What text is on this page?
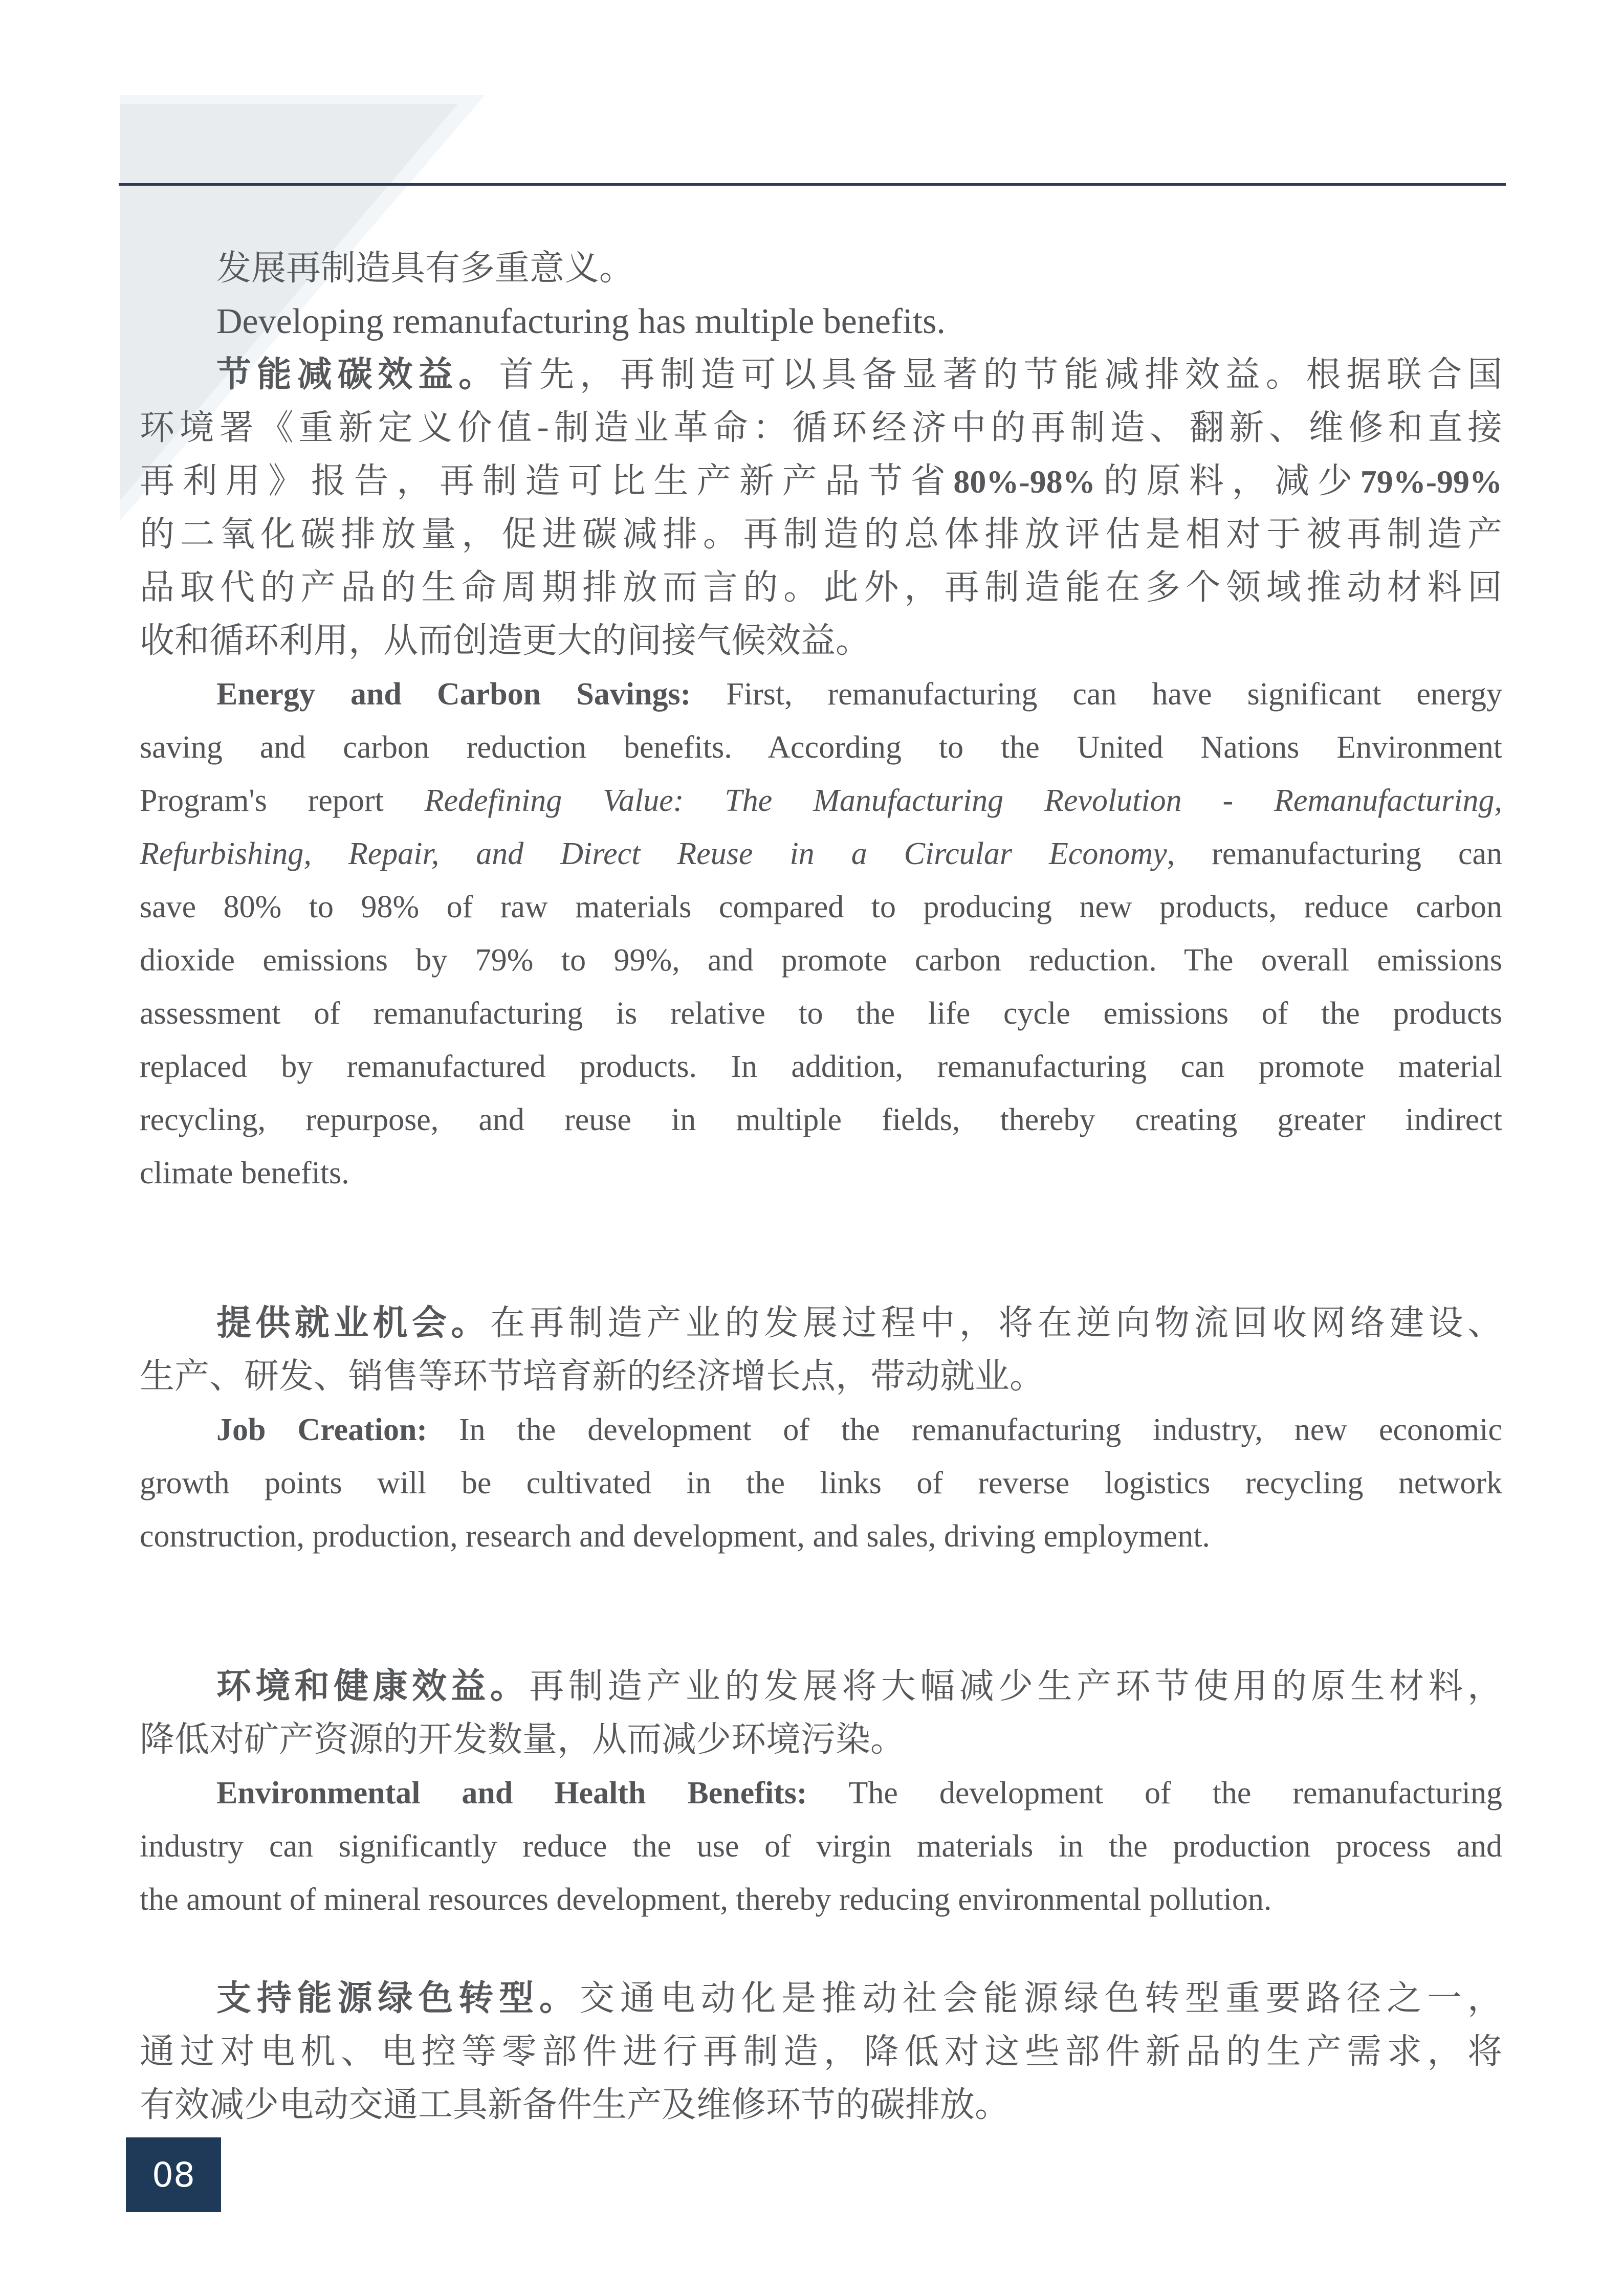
发展再制造具有多重意义。
Developing remanufacturing has multiple benefits.
节能减碳效益。首先，再制造可以具备显著的节能减排效益。根据联合国
环境署《重新定义价值-制造业革命：循环经济中的再制造、翻新、维修和直接
再利用》报告，再制造可比生产新产品节省80%-98%的原料，减少79%-99%
的二氧化碳排放量，促进碳减排。再制造的总体排放评估是相对于被再制造产
品取代的产品的生命周期排放而言的。此外，再制造能在多个领域推动材料回
收和循环利用，从而创造更大的间接气候效益。
Energy and Carbon Savings: First, remanufacturing can have significant energy
saving and carbon reduction benefits. According to the United Nations Environment
Program's report Redefining Value: The Manufacturing Revolution - Remanufacturing,
Refurbishing, Repair, and Direct Reuse in a Circular Economy, remanufacturing can
save 80% to 98% of raw materials compared to producing new products, reduce carbon
dioxide emissions by 79% to 99%, and promote carbon reduction. The overall emissions
assessment of remanufacturing is relative to the life cycle emissions of the products
replaced by remanufactured products. In addition, remanufacturing can promote material
recycling, repurpose, and reuse in multiple fields, thereby creating greater indirect
climate benefits.
提供就业机会。在再制造产业的发展过程中，将在逆向物流回收网络建设、
生产、研发、销售等环节培育新的经济增长点，带动就业。
Job Creation: In the development of the remanufacturing industry, new economic
growth points will be cultivated in the links of reverse logistics recycling network
construction, production, research and development, and sales, driving employment.
环境和健康效益。再制造产业的发展将大幅减少生产环节使用的原生材料，
降低对矿产资源的开发数量，从而减少环境污染。
Environmental and Health Benefits: The development of the remanufacturing
industry can significantly reduce the use of virgin materials in the production process and
the amount of mineral resources development, thereby reducing environmental pollution.
支持能源绿色转型。交通电动化是推动社会能源绿色转型重要路径之一，
通过对电机、电控等零部件进行再制造，降低对这些部件新品的生产需求，将
有效减少电动交通工具新备件生产及维修环节的碳排放。
08
